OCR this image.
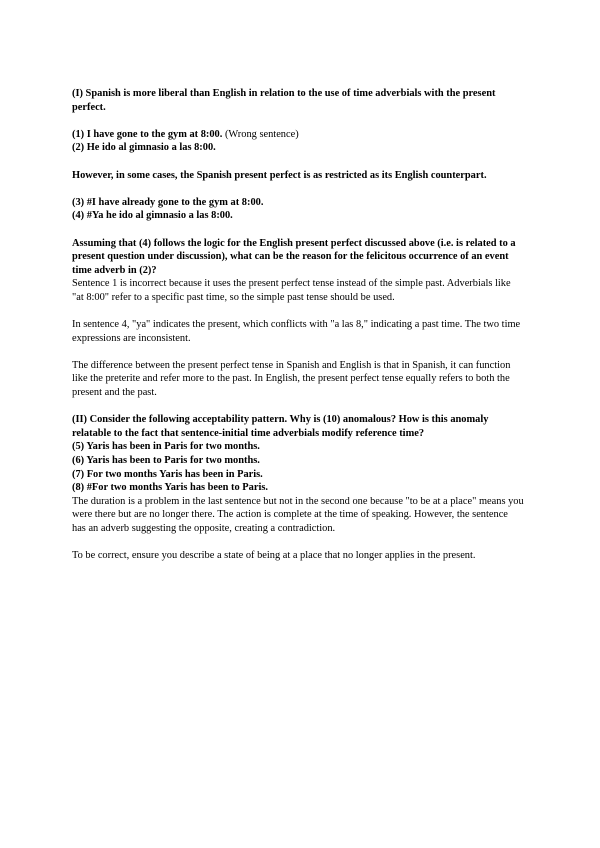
(I) Spanish is more liberal than English in relation to the use of time adverbials with the present perfect.

(1) I have gone to the gym at 8:00. (Wrong sentence)

(2) He ido al gimnasio a las 8:00.

However, in some cases, the Spanish present perfect is as restricted as its English counterpart.

(3) #I have already gone to the gym at 8:00.

(4) #Ya he ido al gimnasio a las 8:00.

Assuming that (4) follows the logic for the English present perfect discussed above (i.e. is related to a present question under discussion), what can be the reason for the felicitous occurrence of an event time adverb in (2)?

Sentence 1 is incorrect because it uses the present perfect tense instead of the simple past. Adverbials like "at 8:00" refer to a specific past time, so the simple past tense should be used.

In sentence 4, "ya" indicates the present, which conflicts with "a las 8," indicating a past time. The two time expressions are inconsistent.

The difference between the present perfect tense in Spanish and English is that in Spanish, it can function like the preterite and refer more to the past. In English, the present perfect tense equally refers to both the present and the past.

(II) Consider the following acceptability pattern. Why is (10) anomalous? How is this anomaly relatable to the fact that sentence-initial time adverbials modify reference time?

(5) Yaris has been in Paris for two months.

(6) Yaris has been to Paris for two months.

(7) For two months Yaris has been in Paris.

(8) #For two months Yaris has been to Paris.

The duration is a problem in the last sentence but not in the second one because "to be at a place" means you were there but are no longer there. The action is complete at the time of speaking. However, the sentence has an adverb suggesting the opposite, creating a contradiction.

To be correct, ensure you describe a state of being at a place that no longer applies in the present.
